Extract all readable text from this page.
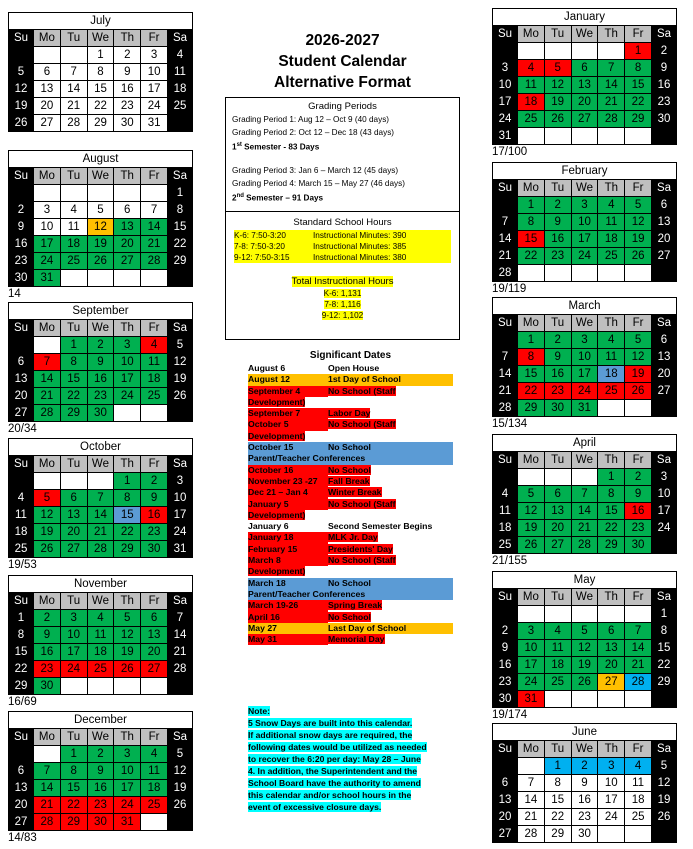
2026-2027
Student Calendar
Alternative Format
Grading Periods
Grading Period 1: Aug 12 – Oct 9 (40 days)
Grading Period 2: Oct 12 – Dec 18 (43 days)
1st Semester - 83 Days
Grading Period 3: Jan 6 – March 12 (45 days)
Grading Period 4: March 15 – May 27 (46 days)
2nd Semester – 91 Days
Standard School Hours
K-6: 7:50-3:20	Instructional Minutes: 390
7-8: 7:50-3:20	Instructional Minutes: 385
9-12: 7:50-3:15	Instructional Minutes: 380
Total Instructional Hours
K-6: 1,131
7-8: 1,116
9-12: 1,102
Significant Dates
August 6	Open House
August 12	1st Day of School
September 4	No School (Staff
Development)
September 7	Labor Day
October 5	No School (Staff
Development)
October 15	No School
Parent/Teacher Conferences
October 16	No School
November 23 -27 Fall Break
Dec 21 – Jan 4 Winter Break
January 5	No School (Staff
Development)
January 6	Second Semester Begins
January 18	MLK Jr. Day
February 15	Presidents' Day
March 8	No School (Staff
Development)
March 18	No School
Parent/Teacher Conferences
March 19-26	Spring Break
April 16	No School
May 27	Last Day of School
May 31	Memorial Day
Note:
5 Snow Days are built into this calendar.
If additional snow days are required, the
following dates would be utilized as needed
to recover the 6:20 per day: May 28 – June
4. In addition, the Superintendent and the
School Board have the authority to amend
this calendar and/or school hours in the
event of excessive closure days.
July						
Su	Mo	Tu	We	Th	Fr	Sa
			1	2	3	4
5	6	7	8	9	10	11
12	13	14	15	16	17	18
19	20	21	22	23	24	25
26	27	28	29	30	31	
August						
Su	Mo	Tu	We	Th	Fr	Sa
						1
2	3	4	5	6	7	8
9	10	11	12	13	14	15
16	17	18	19	20	21	22
23	24	25	26	27	28	29
30	31					
14
September						
Su	Mo	Tu	We	Th	Fr	Sa
		1	2	3	4	5
6	7	8	9	10	11	12
13	14	15	16	17	18	19
20	21	22	23	24	25	26
27	28	29	30			
20/34
October						
Su	Mo	Tu	We	Th	Fr	Sa
				1	2	3
4	5	6	7	8	9	10
11	12	13	14	15	16	17
18	19	20	21	22	23	24
25	26	27	28	29	30	31
19/53
November						
Su	Mo	Tu	We	Th	Fr	Sa
1	2	3	4	5	6	7
8	9	10	11	12	13	14
15	16	17	18	19	20	21
22	23	24	25	26	27	28
29	30					
16/69
December						
Su	Mo	Tu	We	Th	Fr	Sa
		1	2	3	4	5
6	7	8	9	10	11	12
13	14	15	16	17	18	19
20	21	22	23	24	25	26
27	28	29	30	31		
14/83
January						
Su	Mo	Tu	We	Th	Fr	Sa
					1	2
3	4	5	6	7	8	9
10	11	12	13	14	15	16
17	18	19	20	21	22	23
24	25	26	27	28	29	30
31						
17/100
February						
Su	Mo	Tu	We	Th	Fr	Sa
	1	2	3	4	5	6
7	8	9	10	11	12	13
14	15	16	17	18	19	20
21	22	23	24	25	26	27
28						
19/119
March						
Su	Mo	Tu	We	Th	Fr	Sa
	1	2	3	4	5	6
7	8	9	10	11	12	13
14	15	16	17	18	19	20
21	22	23	24	25	26	27
28	29	30	31			
15/134
April						
Su	Mo	Tu	We	Th	Fr	Sa
				1	2	3
4	5	6	7	8	9	10
11	12	13	14	15	16	17
18	19	20	21	22	23	24
25	26	27	28	29	30	
21/155
May						
Su	Mo	Tu	We	Th	Fr	Sa
						1
2	3	4	5	6	7	8
9	10	11	12	13	14	15
16	17	18	19	20	21	22
23	24	25	26	27	28	29
30	31					
19/174
June						
Su	Mo	Tu	We	Th	Fr	Sa
		1	2	3	4	5
6	7	8	9	10	11	12
13	14	15	16	17	18	19
20	21	22	23	24	25	26
27	28	29	30			
